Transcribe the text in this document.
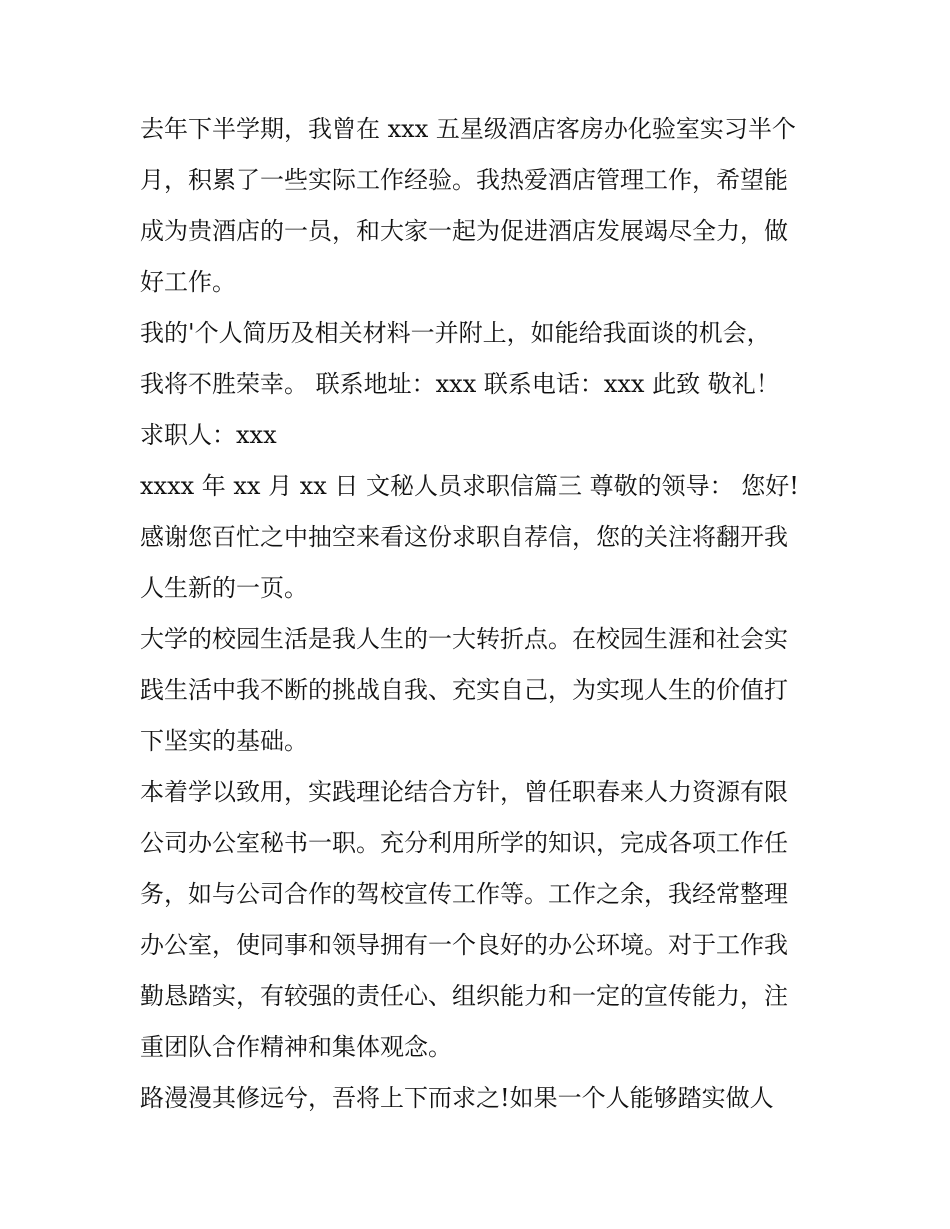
去年下半学期，我曾在 xxx 五星级酒店客房办化验室实习半个
月，积累了一些实际工作经验。我热爱酒店管理工作，希望能
成为贵酒店的一员，和大家一起为促进酒店发展竭尽全力，做
好工作。
我的'个人简历及相关材料一并附上，如能给我面谈的机会，
我将不胜荣幸。 联系地址：xxx 联系电话：xxx 此致 敬礼！
求职人：xxx
xxxx 年 xx 月 xx 日 文秘人员求职信篇三 尊敬的领导： 您好!
感谢您百忙之中抽空来看这份求职自荐信，您的关注将翻开我
人生新的一页。
大学的校园生活是我人生的一大转折点。在校园生涯和社会实
践生活中我不断的挑战自我、充实自己，为实现人生的价值打
下坚实的基础。
本着学以致用，实践理论结合方针，曾任职春来人力资源有限
公司办公室秘书一职。充分利用所学的知识，完成各项工作任
务，如与公司合作的驾校宣传工作等。工作之余，我经常整理
办公室，使同事和领导拥有一个良好的办公环境。对于工作我
勤恳踏实，有较强的责任心、组织能力和一定的宣传能力，注
重团队合作精神和集体观念。
路漫漫其修远兮，吾将上下而求之!如果一个人能够踏实做人
